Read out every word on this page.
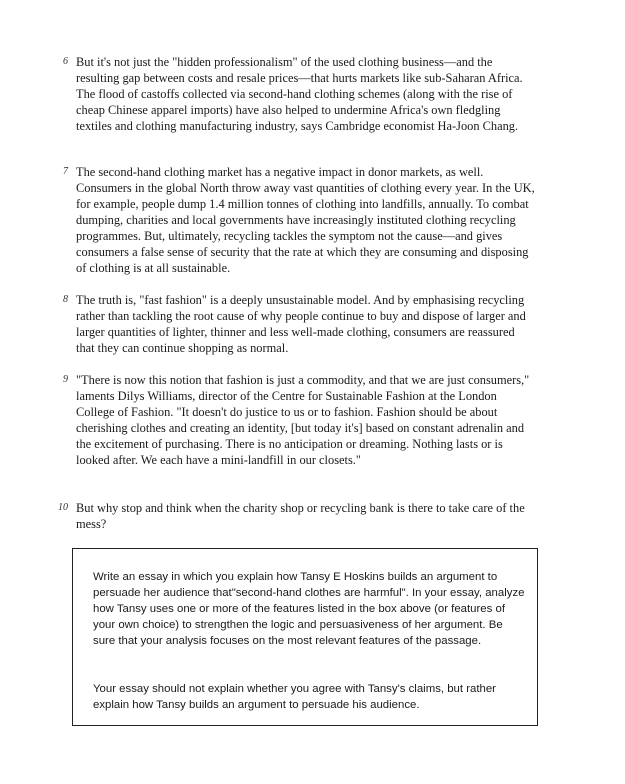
6 But it's not just the "hidden professionalism" of the used clothing business—and the resulting gap between costs and resale prices—that hurts markets like sub-Saharan Africa. The flood of castoffs collected via second-hand clothing schemes (along with the rise of cheap Chinese apparel imports) have also helped to undermine Africa's own fledgling textiles and clothing manufacturing industry, says Cambridge economist Ha-Joon Chang.

7 The second-hand clothing market has a negative impact in donor markets, as well. Consumers in the global North throw away vast quantities of clothing every year. In the UK, for example, people dump 1.4 million tonnes of clothing into landfills, annually. To combat dumping, charities and local governments have increasingly instituted clothing recycling programmes. But, ultimately, recycling tackles the symptom not the cause—and gives consumers a false sense of security that the rate at which they are consuming and disposing of clothing is at all sustainable.

8 The truth is, "fast fashion" is a deeply unsustainable model. And by emphasising recycling rather than tackling the root cause of why people continue to buy and dispose of larger and larger quantities of lighter, thinner and less well-made clothing, consumers are reassured that they can continue shopping as normal.

9 "There is now this notion that fashion is just a commodity, and that we are just consumers," laments Dilys Williams, director of the Centre for Sustainable Fashion at the London College of Fashion. "It doesn't do justice to us or to fashion. Fashion should be about cherishing clothes and creating an identity, [but today it's] based on constant adrenalin and the excitement of purchasing. There is no anticipation or dreaming. Nothing lasts or is looked after. We each have a mini-landfill in our closets."

10 But why stop and think when the charity shop or recycling bank is there to take care of the mess?

Write an essay in which you explain how Tansy E Hoskins builds an argument to persuade her audience that"second-hand clothes are harmful". In your essay, analyze how Tansy uses one or more of the features listed in the box above (or features of your own choice) to strengthen the logic and persuasiveness of her argument. Be sure that your analysis focuses on the most relevant features of the passage.

Your essay should not explain whether you agree with Tansy's claims, but rather explain how Tansy builds an argument to persuade his audience.
